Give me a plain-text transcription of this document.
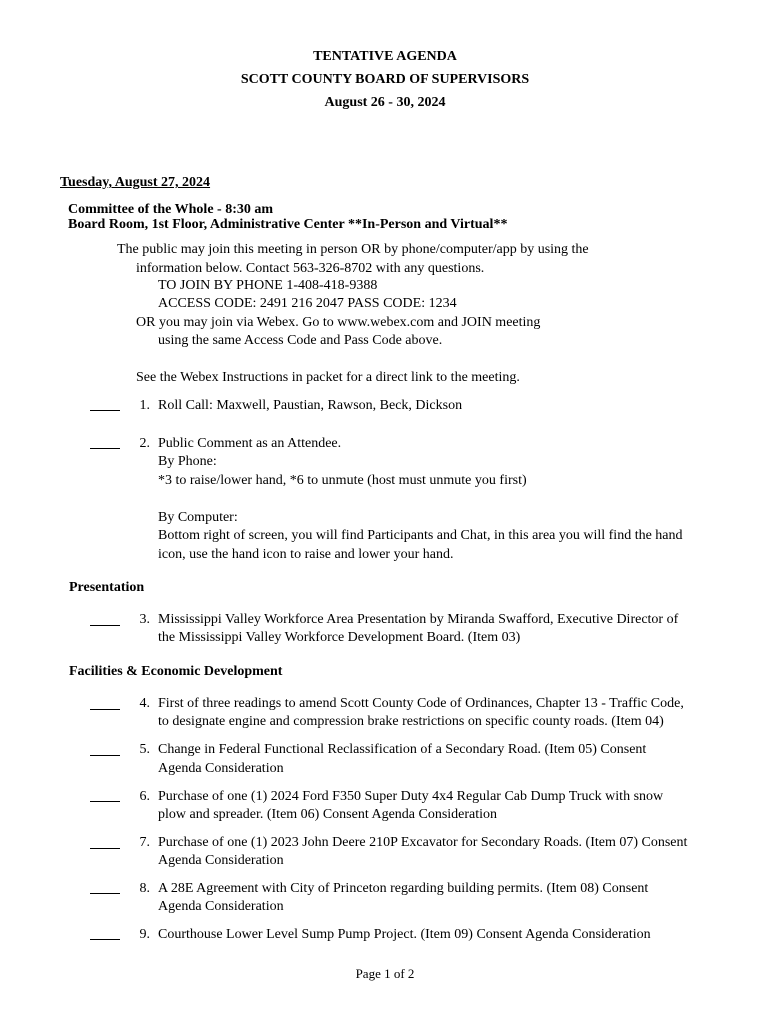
TENTATIVE AGENDA
SCOTT COUNTY BOARD OF SUPERVISORS
August 26 - 30, 2024
Tuesday, August 27, 2024
Committee of the Whole - 8:30 am
Board Room, 1st Floor, Administrative Center **In-Person and Virtual**
The public may join this meeting in person OR by phone/computer/app by using the
information below. Contact 563-326-8702 with any questions.
TO JOIN BY PHONE 1-408-418-9388
ACCESS CODE: 2491 216 2047 PASS CODE: 1234
OR you may join via Webex. Go to www.webex.com and JOIN meeting
using the same Access Code and Pass Code above.
See the Webex Instructions in packet for a direct link to the meeting.
1. Roll Call: Maxwell, Paustian, Rawson, Beck, Dickson
2. Public Comment as an Attendee.
By Phone:
*3 to raise/lower hand, *6 to unmute (host must unmute you first)
By Computer:
Bottom right of screen, you will find Participants and Chat, in this area you will find the hand
icon, use the hand icon to raise and lower your hand.
Presentation
3. Mississippi Valley Workforce Area Presentation by Miranda Swafford, Executive Director of
the Mississippi Valley Workforce Development Board. (Item 03)
Facilities & Economic Development
4. First of three readings to amend Scott County Code of Ordinances, Chapter 13 - Traffic Code,
to designate engine and compression brake restrictions on specific county roads. (Item 04)
5. Change in Federal Functional Reclassification of a Secondary Road. (Item 05) Consent
Agenda Consideration
6. Purchase of one (1) 2024 Ford F350 Super Duty 4x4 Regular Cab Dump Truck with snow
plow and spreader. (Item 06) Consent Agenda Consideration
7. Purchase of one (1) 2023 John Deere 210P Excavator for Secondary Roads. (Item 07) Consent
Agenda Consideration
8. A 28E Agreement with City of Princeton regarding building permits. (Item 08) Consent
Agenda Consideration
9. Courthouse Lower Level Sump Pump Project. (Item 09) Consent Agenda Consideration
Page 1 of 2
